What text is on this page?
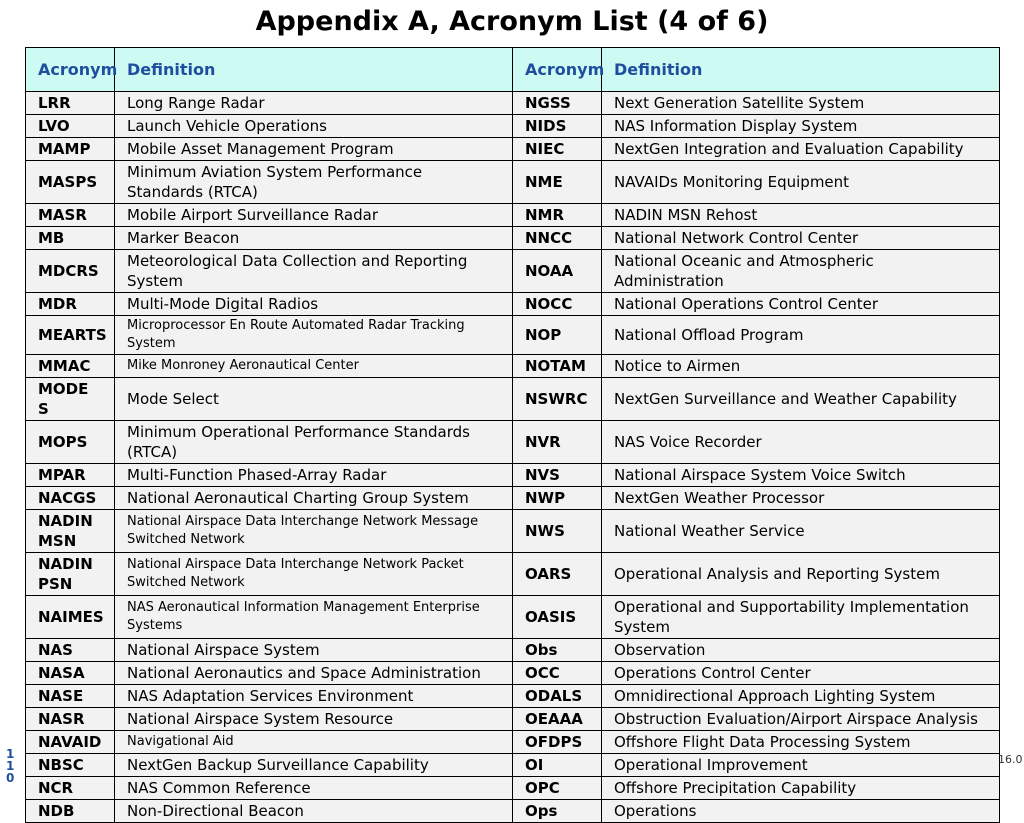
Appendix A, Acronym List (4 of 6)
Acronym	Definition	Acronym	Definition
LRR	Long Range Radar	NGSS	Next Generation Satellite System
LVO	Launch Vehicle Operations	NIDS	NAS Information Display System
MAMP	Mobile Asset Management Program	NIEC	NextGen Integration and Evaluation Capability
MASPS	Minimum Aviation System Performance Standards (RTCA)	NME	NAVAIDs Monitoring Equipment
MASR	Mobile Airport Surveillance Radar	NMR	NADIN MSN Rehost
MB	Marker Beacon	NNCC	National Network Control Center
MDCRS	Meteorological Data Collection and Reporting System	NOAA	National Oceanic and Atmospheric Administration
MDR	Multi-Mode Digital Radios	NOCC	National Operations Control Center
MEARTS	Microprocessor En Route Automated Radar Tracking System	NOP	National Offload Program
MMAC	Mike Monroney Aeronautical Center	NOTAM	Notice to Airmen
MODE S	Mode Select	NSWRC	NextGen Surveillance and Weather Capability
MOPS	Minimum Operational Performance Standards (RTCA)	NVR	NAS Voice Recorder
MPAR	Multi-Function Phased-Array Radar	NVS	National Airspace System Voice Switch
NACGS	National Aeronautical Charting Group System	NWP	NextGen Weather Processor
NADIN MSN	National Airspace Data Interchange Network Message Switched Network	NWS	National Weather Service
NADIN PSN	National Airspace Data Interchange Network Packet Switched Network	OARS	Operational Analysis and Reporting System
NAIMES	NAS Aeronautical Information Management Enterprise Systems	OASIS	Operational and Supportability Implementation System
NAS	National Airspace System	Obs	Observation
NASA	National Aeronautics and Space Administration	OCC	Operations Control Center
NASE	NAS Adaptation Services Environment	ODALS	Omnidirectional Approach Lighting System
NASR	National Airspace System Resource	OEAAA	Obstruction Evaluation/Airport Airspace Analysis
NAVAID	Navigational Aid	OFDPS	Offshore Flight Data Processing System
NBSC	NextGen Backup Surveillance Capability	OI	Operational Improvement
NCR	NAS Common Reference	OPC	Offshore Precipitation Capability
NDB	Non-Directional Beacon	Ops	Operations
110
16.0
